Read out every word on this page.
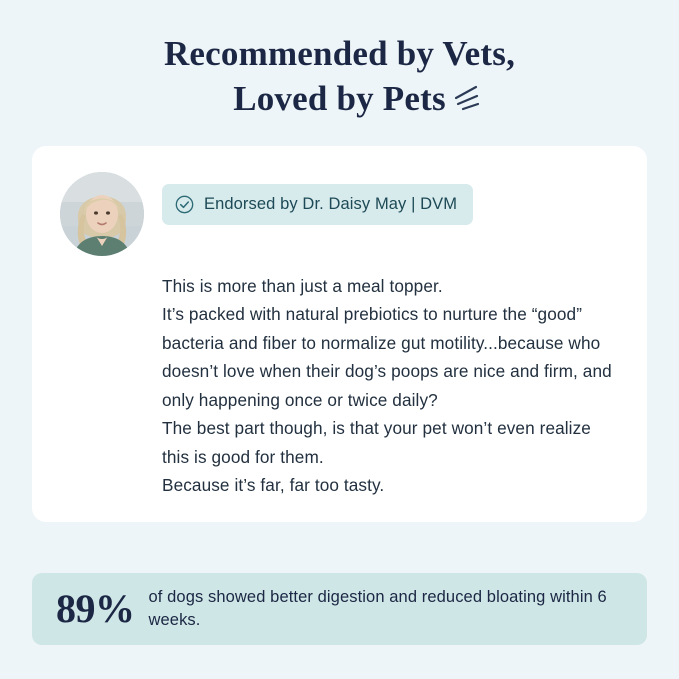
Recommended by Vets,
Loved by Pets
Endorsed by Dr. Daisy May | DVM

This is more than just a meal topper.

It’s packed with natural prebiotics to nurture the “good” bacteria and fiber to normalize gut motility...because who doesn’t love when their dog’s poops are nice and firm, and only happening once or twice daily?

The best part though, is that your pet won’t even realize this is good for them.

Because it’s far, far too tasty.

89% of dogs showed better digestion and reduced bloating within 6 weeks.
